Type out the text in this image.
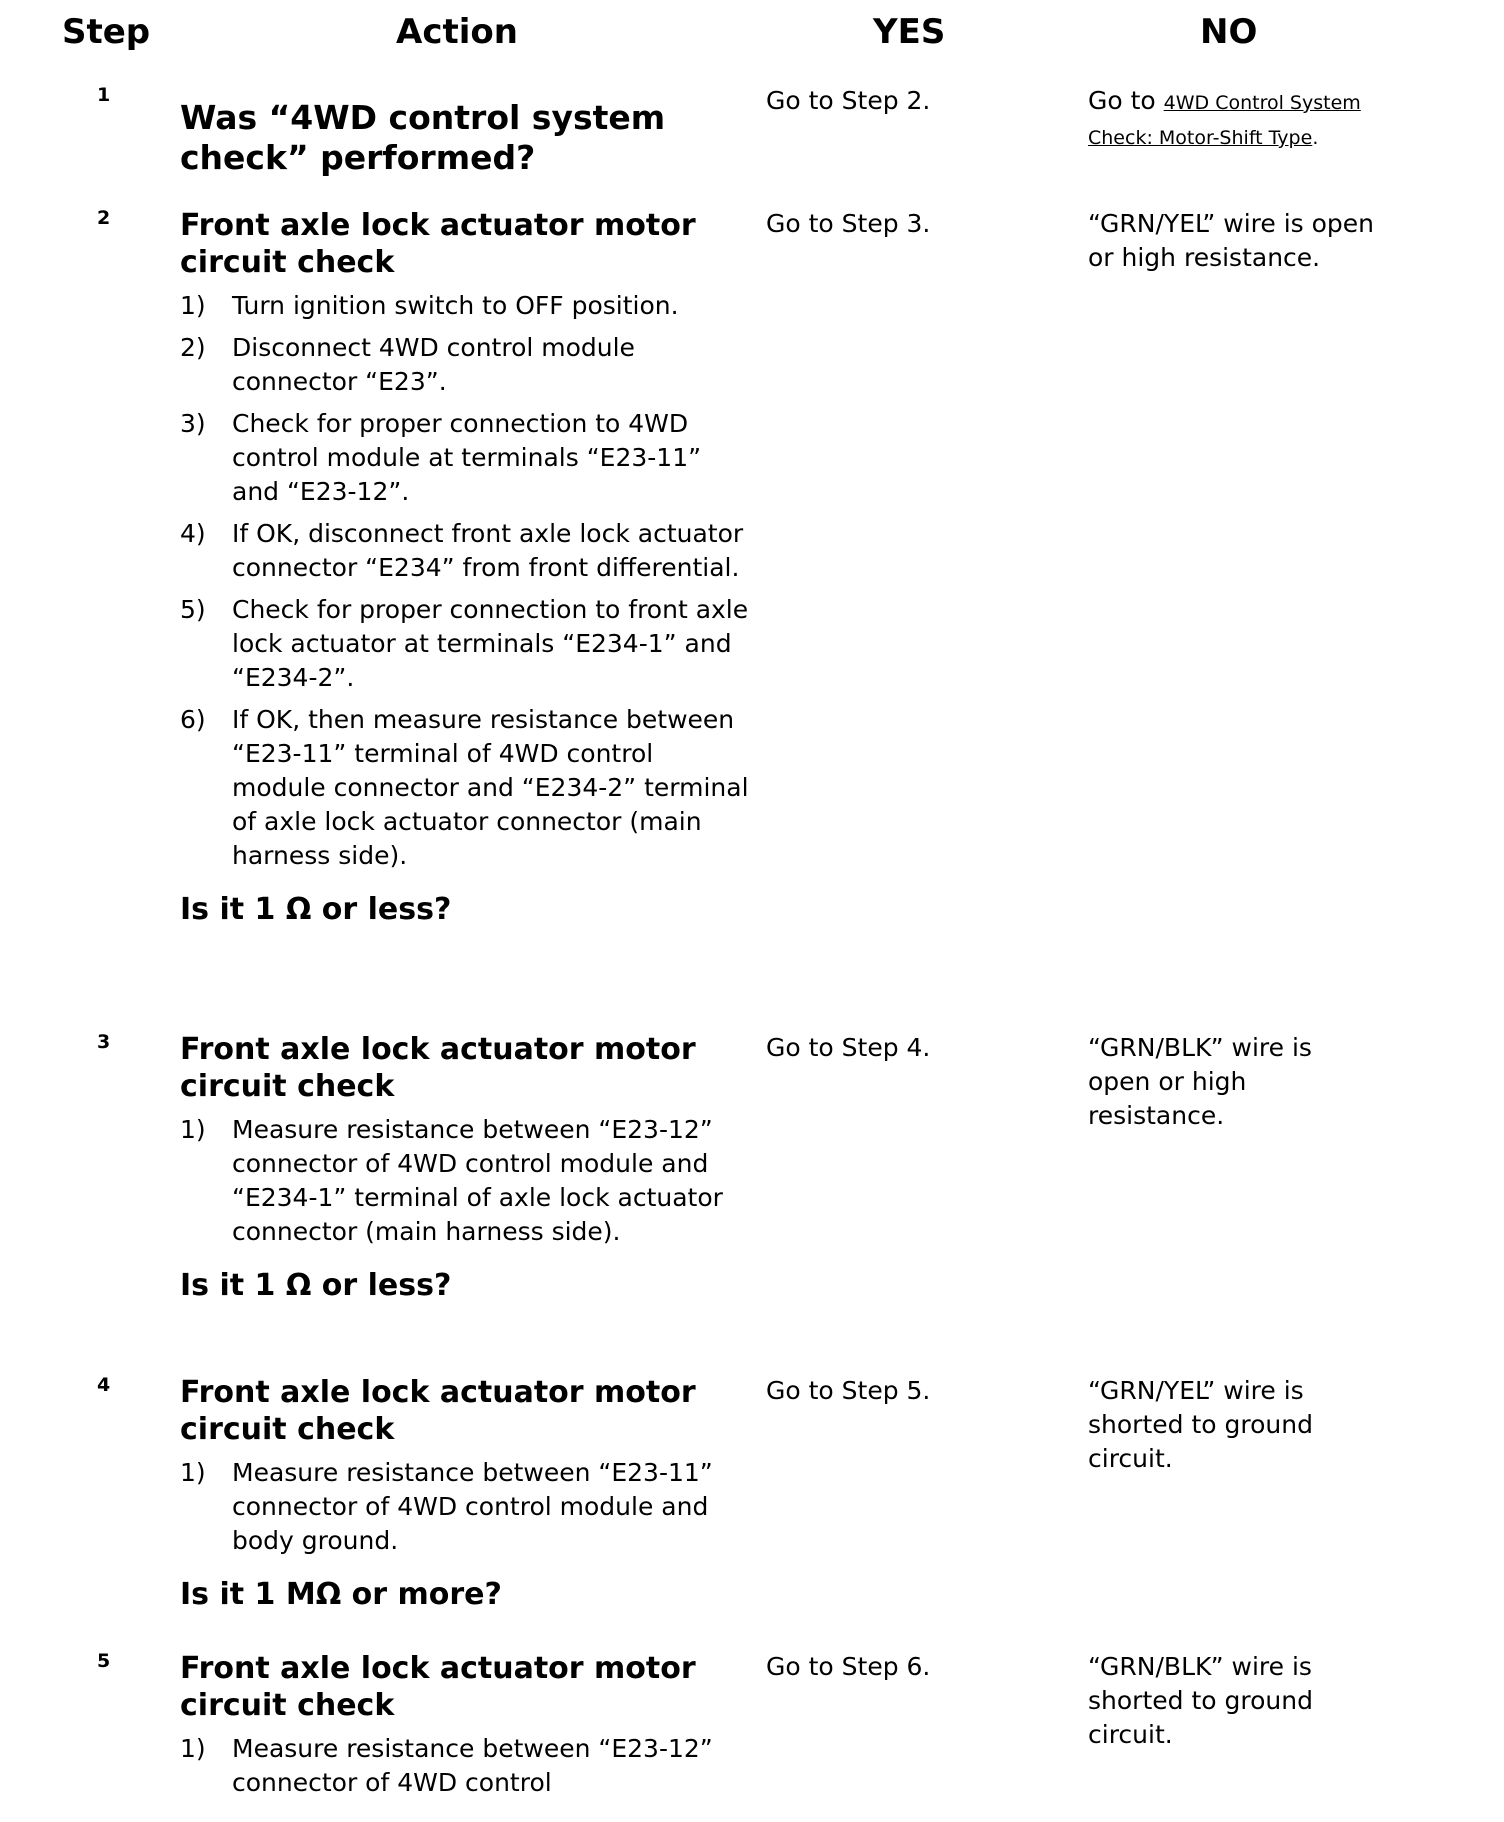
Step	Action	YES	NO
1

Was “4WD control system check” performed?

Go to Step 2.	Go to 4WD Control System Check: Motor-Shift Type.
2 Front axle lock actuator motor circuit check

1) Turn ignition switch to OFF position.
2) Disconnect 4WD control module connector “E23”.
3) Check for proper connection to 4WD control module at terminals “E23-11” and “E23-12”.
4) If OK, disconnect front axle lock actuator connector “E234” from front differential.
5) Check for proper connection to front axle lock actuator at terminals “E234-1” and “E234-2”.
6) If OK, then measure resistance between “E23-11” terminal of 4WD control module connector and “E234-2” terminal of axle lock actuator connector (main harness side).
Is it 1 Ω or less?
Go to Step 3.	“GRN/YEL” wire is open or high resistance.
3 Front axle lock actuator motor circuit check

1) Measure resistance between “E23-12” connector of 4WD control module and “E234-1” terminal of axle lock actuator connector (main harness side).
Is it 1 Ω or less?
Go to Step 4.	“GRN/BLK” wire is open or high resistance.
4 Front axle lock actuator motor circuit check

1) Measure resistance between “E23-11” connector of 4WD control module and body ground.
Is it 1 MΩ or more?
Go to Step 5.	“GRN/YEL” wire is shorted to ground circuit.
5 Front axle lock actuator motor circuit check

1) Measure resistance between “E23-12” connector of 4WD control
Go to Step 6.	“GRN/BLK” wire is shorted to ground circuit.
